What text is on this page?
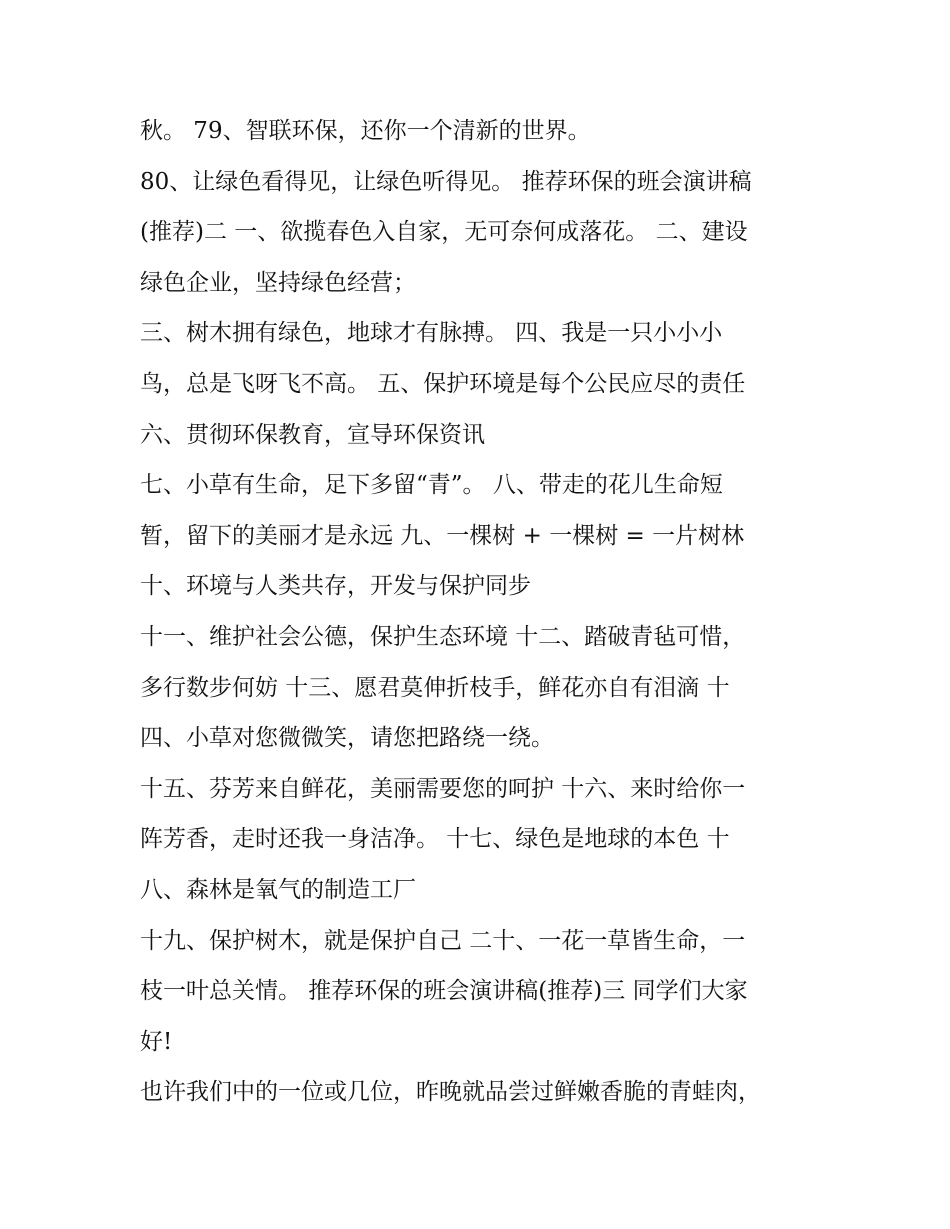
秋。 79、智联环保，还你一个清新的世界。
80、让绿色看得见，让绿色听得见。 推荐环保的班会演讲稿
(推荐)二 一、欲揽春色入自家，无可奈何成落花。 二、建设
绿色企业，坚持绿色经营；
三、树木拥有绿色，地球才有脉搏。 四、我是一只小小小
鸟，总是飞呀飞不高。 五、保护环境是每个公民应尽的责任
六、贯彻环保教育，宣导环保资讯
七、小草有生命，足下多留“青”。 八、带走的花儿生命短
暂，留下的美丽才是永远 九、一棵树 + 一棵树 = 一片树林
十、环境与人类共存，开发与保护同步
十一、维护社会公德，保护生态环境 十二、踏破青毡可惜，
多行数步何妨 十三、愿君莫伸折枝手，鲜花亦自有泪滴 十
四、小草对您微微笑，请您把路绕一绕。
十五、芬芳来自鲜花，美丽需要您的呵护 十六、来时给你一
阵芳香，走时还我一身洁净。 十七、绿色是地球的本色 十
八、森林是氧气的制造工厂
十九、保护树木，就是保护自己 二十、一花一草皆生命，一
枝一叶总关情。 推荐环保的班会演讲稿(推荐)三 同学们大家
好!
也许我们中的一位或几位，昨晚就品尝过鲜嫩香脆的青蛙肉，
